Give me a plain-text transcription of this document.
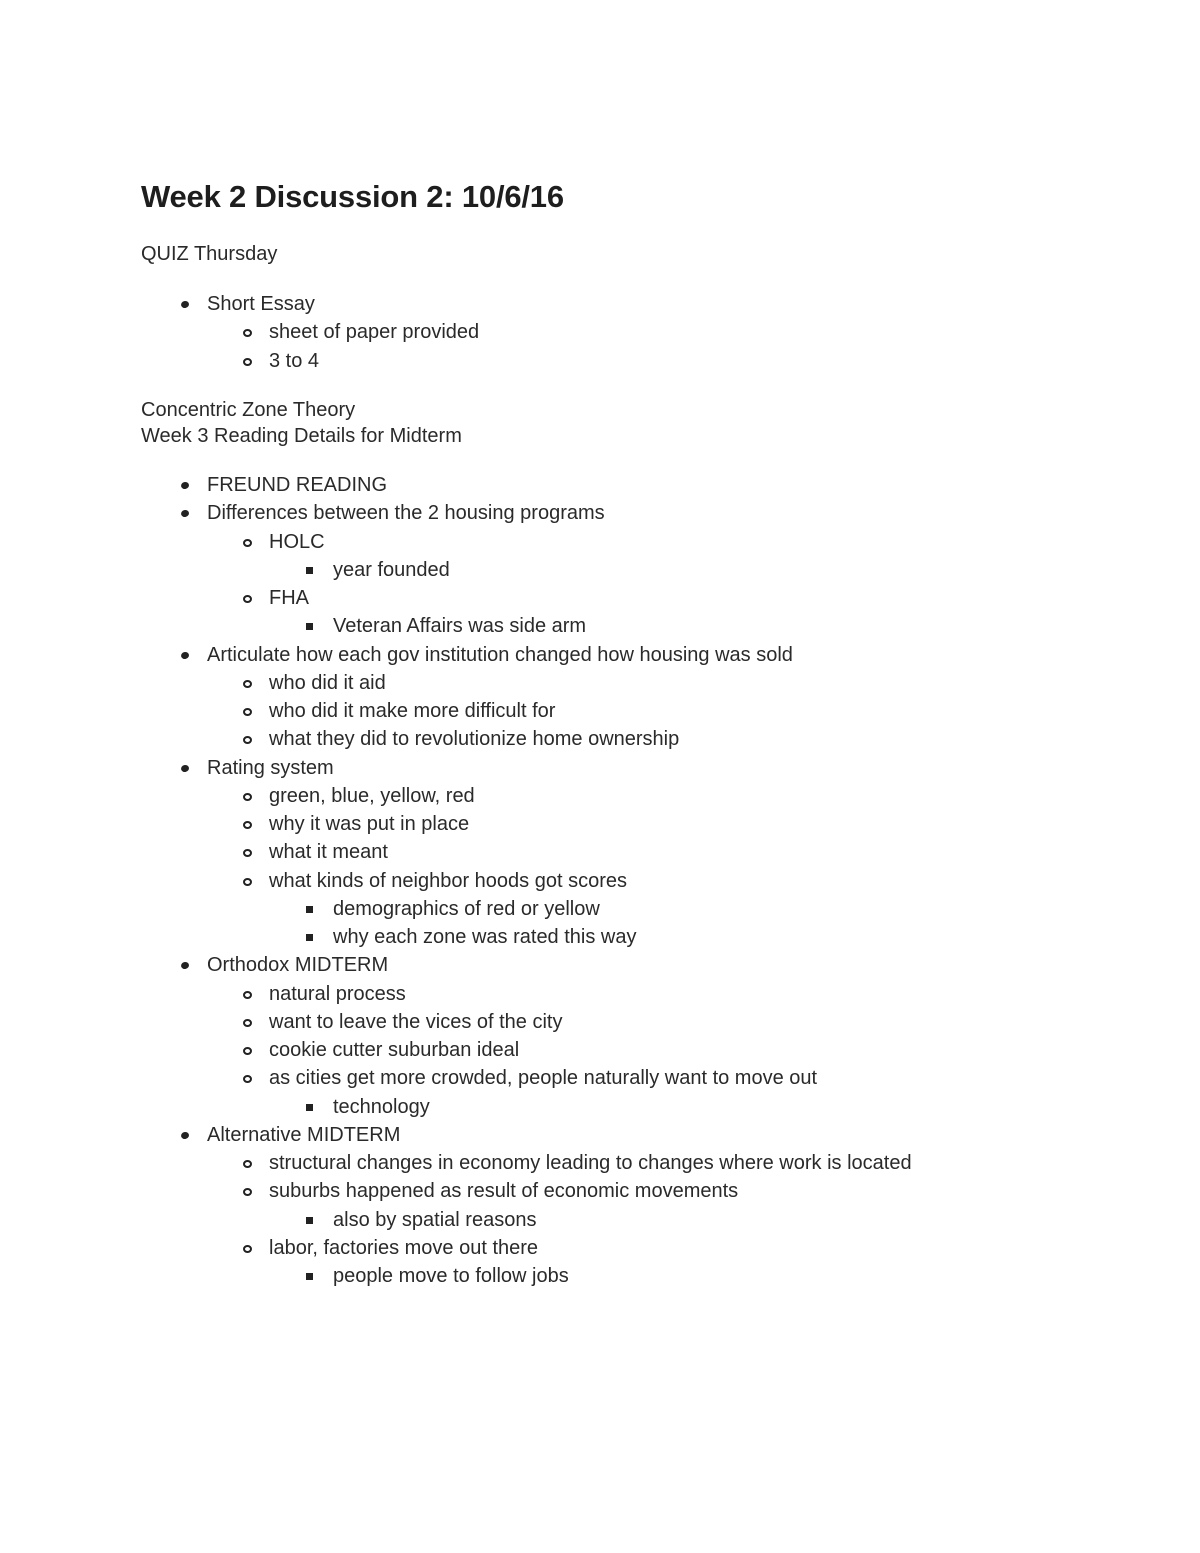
Week 2 Discussion 2: 10/6/16

QUIZ Thursday

Short Essay
sheet of paper provided
3 to 4

Concentric Zone Theory

Week 3 Reading Details for Midterm

FREUND READING
Differences between the 2 housing programs
HOLC
year founded
FHA
Veteran Affairs was side arm
Articulate how each gov institution changed how housing was sold
who did it aid
who did it make more difficult for
what they did to revolutionize home ownership
Rating system
green, blue, yellow, red
why it was put in place
what it meant
what kinds of neighbor hoods got scores
demographics of red or yellow
why each zone was rated this way
Orthodox MIDTERM
natural process
want to leave the vices of the city
cookie cutter suburban ideal
as cities get more crowded, people naturally want to move out
technology
Alternative MIDTERM
structural changes in economy leading to changes where work is located
suburbs happened as result of economic movements
also by spatial reasons
labor, factories move out there
people move to follow jobs
